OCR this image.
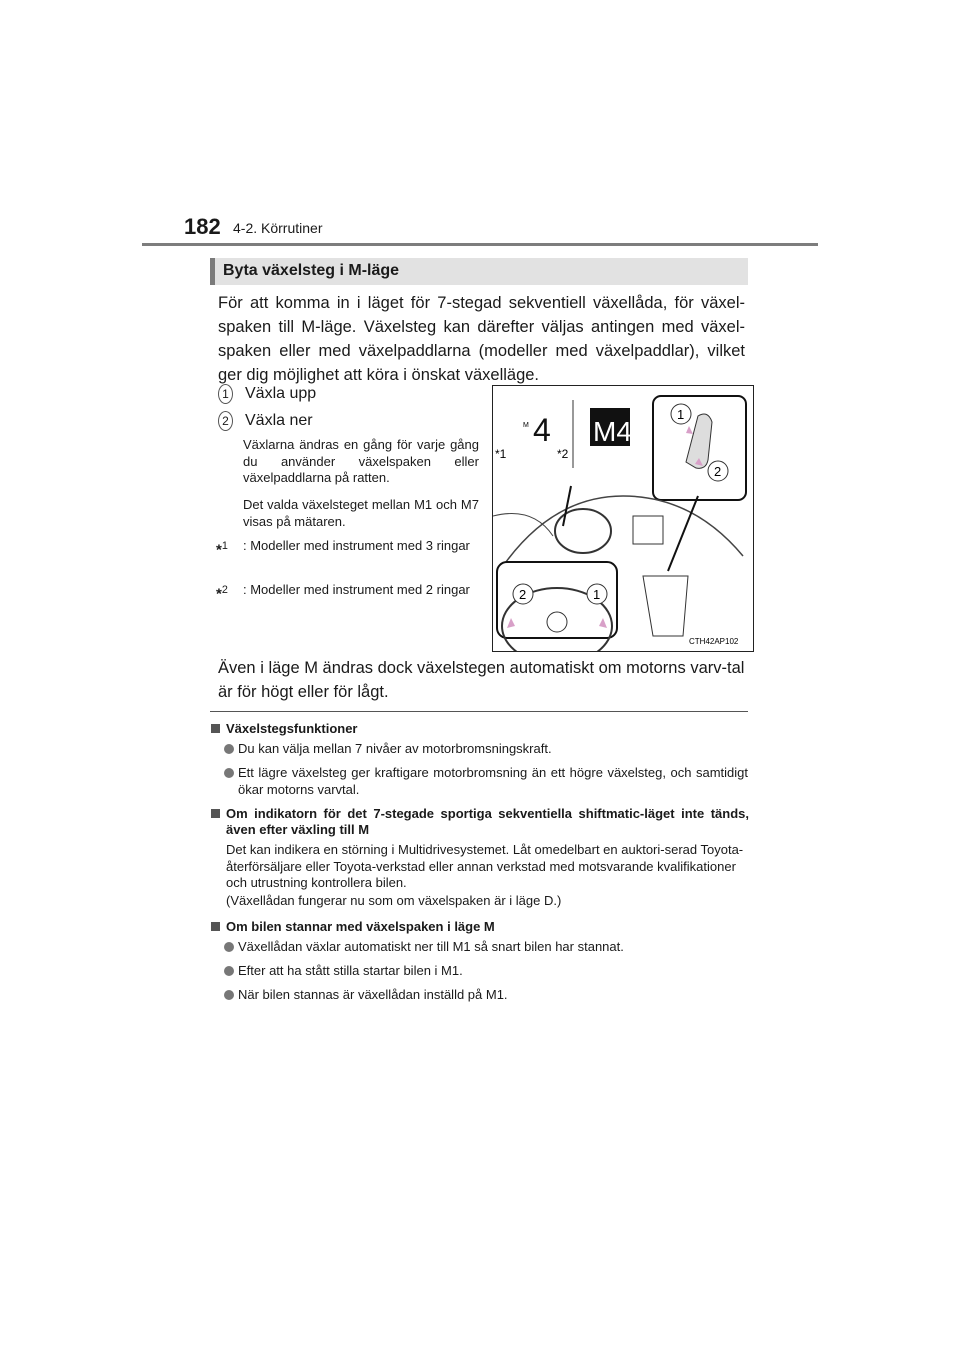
182 4-2. Körrutiner
Byta växelsteg i M-läge
För att komma in i läget för 7-stegad sekventiell växellåda, för växel-spaken till M-läge. Växelsteg kan därefter väljas antingen med växel-spaken eller med växelpaddlarna (modeller med växelpaddlar), vilket ger dig möjlighet att köra i önskat växelläge.
1 Växla upp
2 Växla ner
Växlarna ändras en gång för varje gång du använder växelspaken eller växelpaddlarna på ratten.
Det valda växelsteget mellan M1 och M7 visas på mätaren.
*$^1$	: Modeller med instrument med 3 ringar
*$^2$	: Modeller med instrument med 2 ringar
M 4 M4
*1	*2
1
2
2	1
CTH42AP102
Även i läge M ändras dock växelstegen automatiskt om motorns varv-tal är för högt eller för lågt.
Växelstegsfunktioner
Du kan välja mellan 7 nivåer av motorbromsningskraft.
Ett lägre växelsteg ger kraftigare motorbromsning än ett högre växelsteg, och samtidigt ökar motorns varvtal.
Om indikatorn för det 7-stegade sportiga sekventiella shiftmatic-läget inte tänds, även efter växling till M
Det kan indikera en störning i Multidrivesystemet. Låt omedelbart en auktori-serad Toyota-återförsäljare eller Toyota-verkstad eller annan verkstad med motsvarande kvalifikationer och utrustning kontrollera bilen.
(Växellådan fungerar nu som om växelspaken är i läge D.)
Om bilen stannar med växelspaken i läge M
Växellådan växlar automatiskt ner till M1 så snart bilen har stannat.
Efter att ha stått stilla startar bilen i M1.
När bilen stannas är växellådan inställd på M1.
